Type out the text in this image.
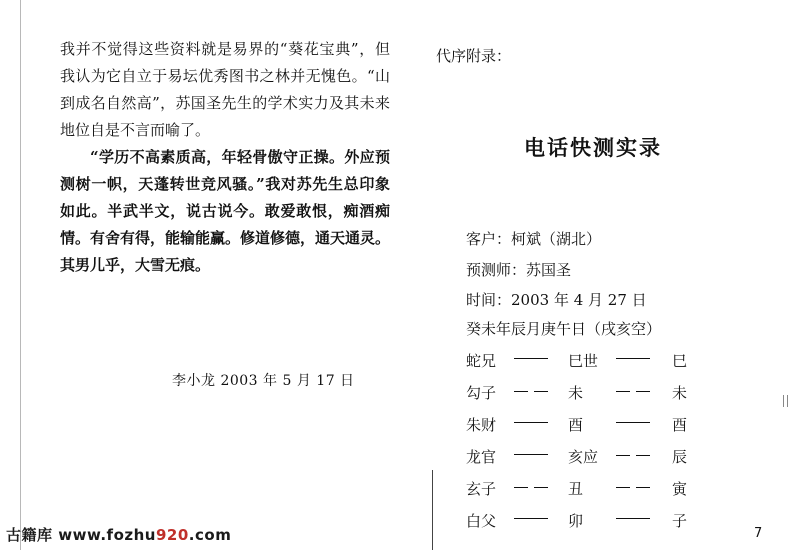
我并不觉得这些资料就是易界的“葵花宝典”，但我认为它自立于易坛优秀图书之林并无愧色。“山到成名自然高”，苏国圣先生的学术实力及其未来地位自是不言而喻了。

“学历不高素质高，年轻骨傲守正操。外应预测树一帜，天蓬转世竞风骚。”我对苏先生总印象如此。半武半文，说古说今。敢爱敢恨，痴酒痴情。有舍有得，能输能赢。修道修德，通天通灵。其男儿乎，大雪无痕。

李小龙 2003 年 5 月 17 日
代序附录：
电话快测实录
客户：柯斌（湖北）
预测师：苏国圣
时间：2003 年 4 月 27 日
癸未年辰月庚午日（戌亥空）
蛇兄	巳世	巳
勾子	未	未
朱财	酉	酉
龙官	亥应	辰
玄子	丑	寅
白父	卯	子
7
古籍库 www.fozhu920.com
